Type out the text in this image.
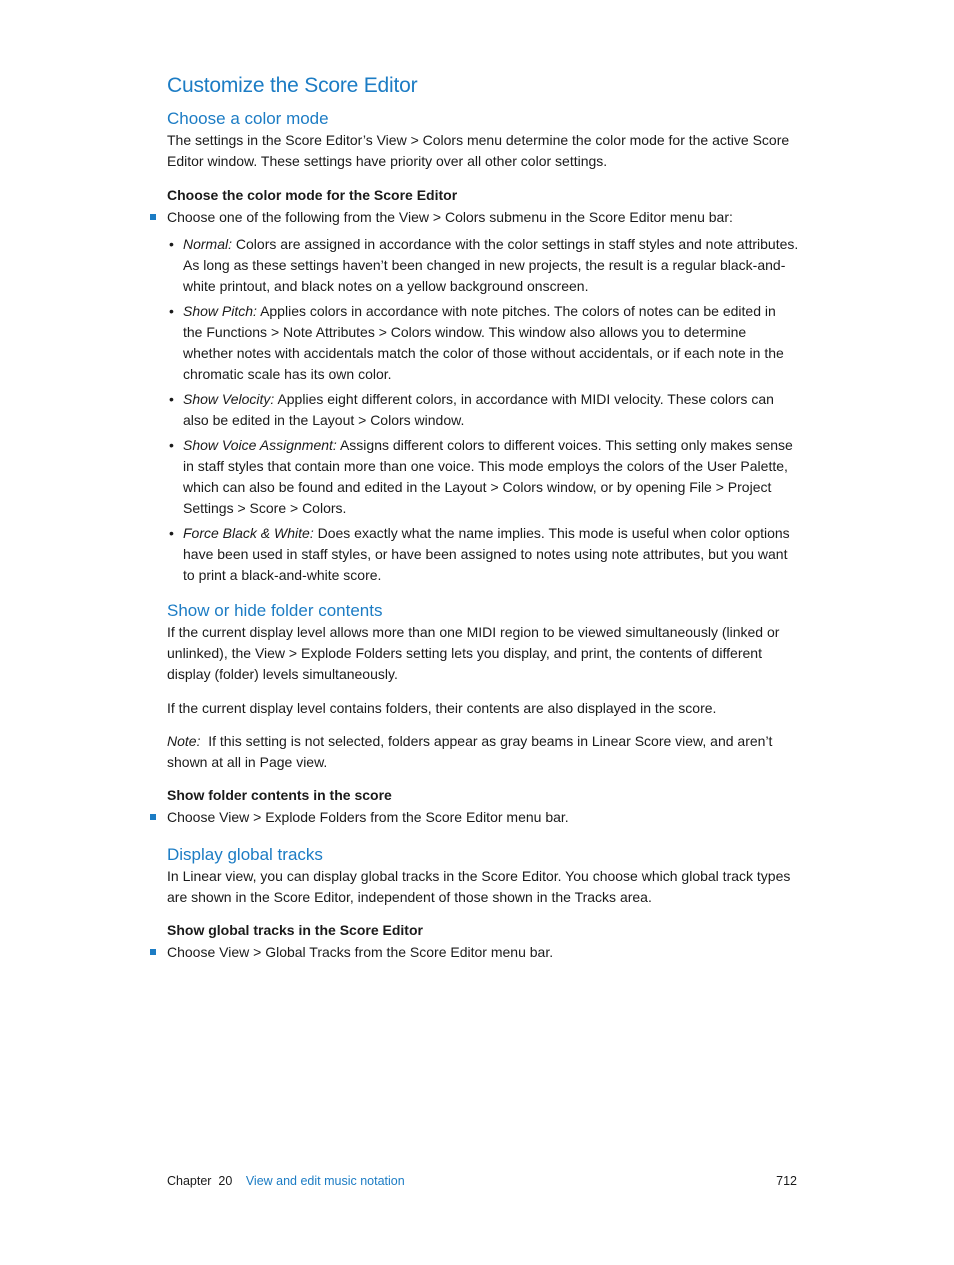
Customize the Score Editor
Choose a color mode

The settings in the Score Editor’s View > Colors menu determine the color mode for the active Score Editor window. These settings have priority over all other color settings.

Choose the color mode for the Score Editor

Choose one of the following from the View > Colors submenu in the Score Editor menu bar:
• Normal: Colors are assigned in accordance with the color settings in staff styles and note attributes. As long as these settings haven’t been changed in new projects, the result is a regular black-and-white printout, and black notes on a yellow background onscreen.
• Show Pitch: Applies colors in accordance with note pitches. The colors of notes can be edited in the Functions > Note Attributes > Colors window. This window also allows you to determine whether notes with accidentals match the color of those without accidentals, or if each note in the chromatic scale has its own color.
• Show Velocity: Applies eight different colors, in accordance with MIDI velocity. These colors can also be edited in the Layout > Colors window.
• Show Voice Assignment: Assigns different colors to different voices. This setting only makes sense in staff styles that contain more than one voice. This mode employs the colors of the User Palette, which can also be found and edited in the Layout > Colors window, or by opening File > Project Settings > Score > Colors.
• Force Black & White: Does exactly what the name implies. This mode is useful when color options have been used in staff styles, or have been assigned to notes using note attributes, but you want to print a black-and-white score.
Show or hide folder contents

If the current display level allows more than one MIDI region to be viewed simultaneously (linked or unlinked), the View > Explode Folders setting lets you display, and print, the contents of different display (folder) levels simultaneously.

If the current display level contains folders, their contents are also displayed in the score.

Note: If this setting is not selected, folders appear as gray beams in Linear Score view, and aren’t shown at all in Page view.

Show folder contents in the score

Choose View > Explode Folders from the Score Editor menu bar.
Display global tracks

In Linear view, you can display global tracks in the Score Editor. You choose which global track types are shown in the Score Editor, independent of those shown in the Tracks area.

Show global tracks in the Score Editor

Choose View > Global Tracks from the Score Editor menu bar.
Chapter  20 View and edit music notation	712
